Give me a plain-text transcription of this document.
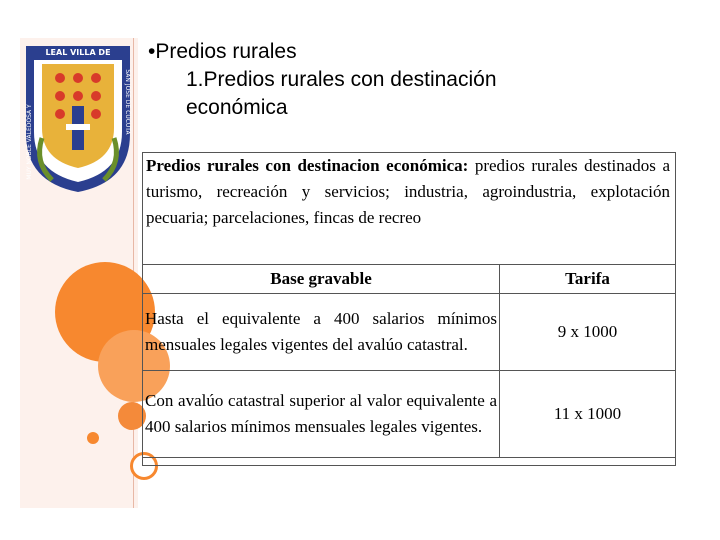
LEAL VILLA DE
MUY NOBLE VALEDOSA Y
SAN JOSE DE CUCUTA
•Predios rurales
1.Predios rurales con destinación
económica
Predios rurales con destinacion económica: predios rurales destinados a turismo, recreación y servicios; industria, agroindustria, explotación pecuaria; parcelaciones, fincas de recreo
Base gravable	Tarifa
Hasta el equivalente a 400 salarios mínimos mensuales legales vigentes del avalúo catastral.	9 x 1000
Con avalúo catastral superior al valor equivalente a 400 salarios mínimos mensuales legales vigentes.	11 x 1000
